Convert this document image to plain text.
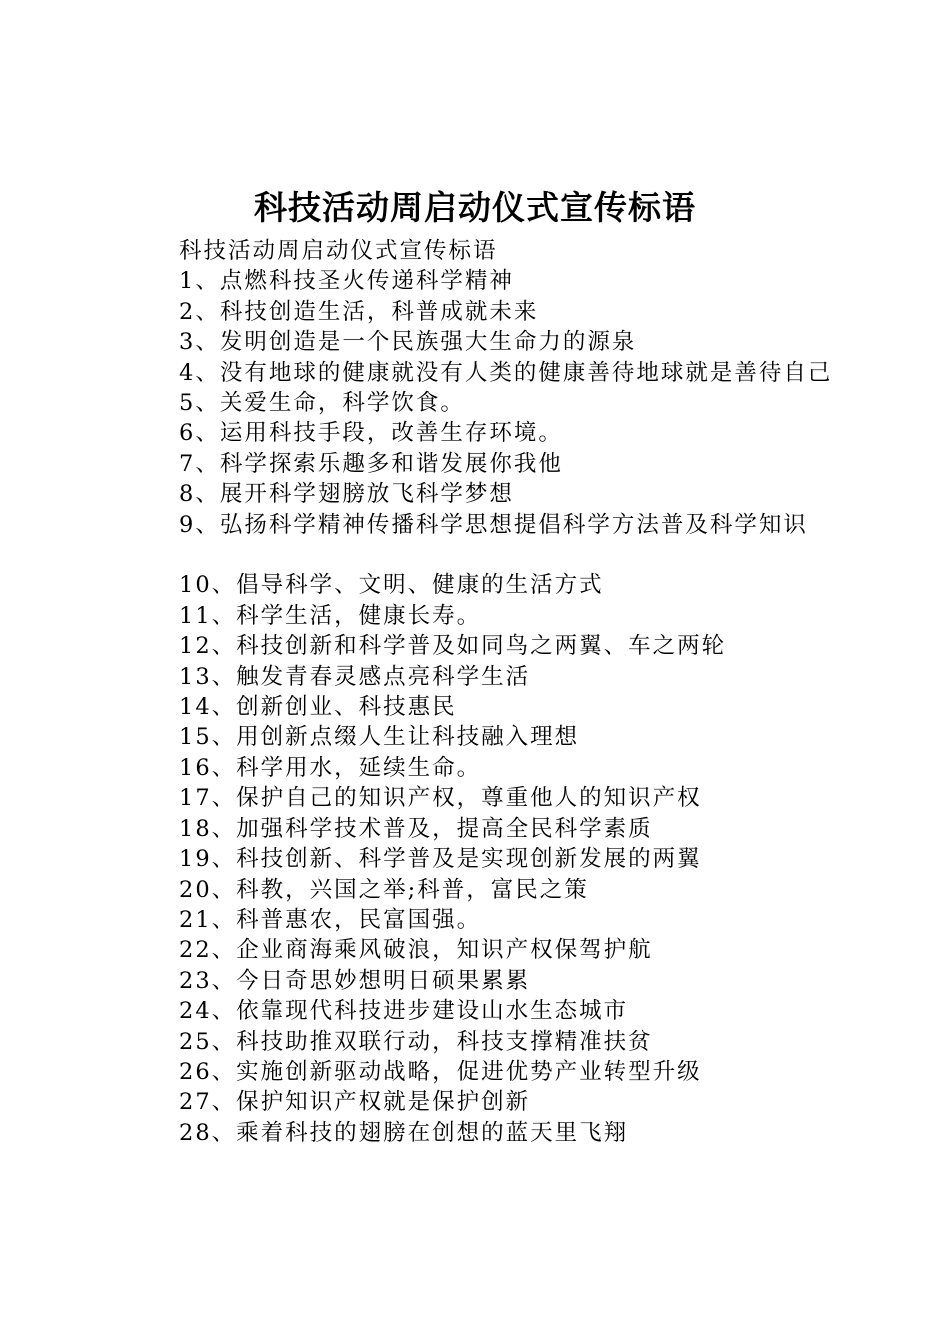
科技活动周启动仪式宣传标语
科技活动周启动仪式宣传标语
1、点燃科技圣火传递科学精神
2、科技创造生活，科普成就未来
3、发明创造是一个民族强大生命力的源泉
4、没有地球的健康就没有人类的健康善待地球就是善待自己
5、关爱生命，科学饮食。
6、运用科技手段，改善生存环境。
7、科学探索乐趣多和谐发展你我他
8、展开科学翅膀放飞科学梦想
9、弘扬科学精神传播科学思想提倡科学方法普及科学知识
10、倡导科学、文明、健康的生活方式
11、科学生活，健康长寿。
12、科技创新和科学普及如同鸟之两翼、车之两轮
13、触发青春灵感点亮科学生活
14、创新创业、科技惠民
15、用创新点缀人生让科技融入理想
16、科学用水，延续生命。
17、保护自己的知识产权，尊重他人的知识产权
18、加强科学技术普及，提高全民科学素质
19、科技创新、科学普及是实现创新发展的两翼
20、科教，兴国之举;科普，富民之策
21、科普惠农，民富国强。
22、企业商海乘风破浪，知识产权保驾护航
23、今日奇思妙想明日硕果累累
24、依靠现代科技进步建设山水生态城市
25、科技助推双联行动，科技支撑精准扶贫
26、实施创新驱动战略，促进优势产业转型升级
27、保护知识产权就是保护创新
28、乘着科技的翅膀在创想的蓝天里飞翔
